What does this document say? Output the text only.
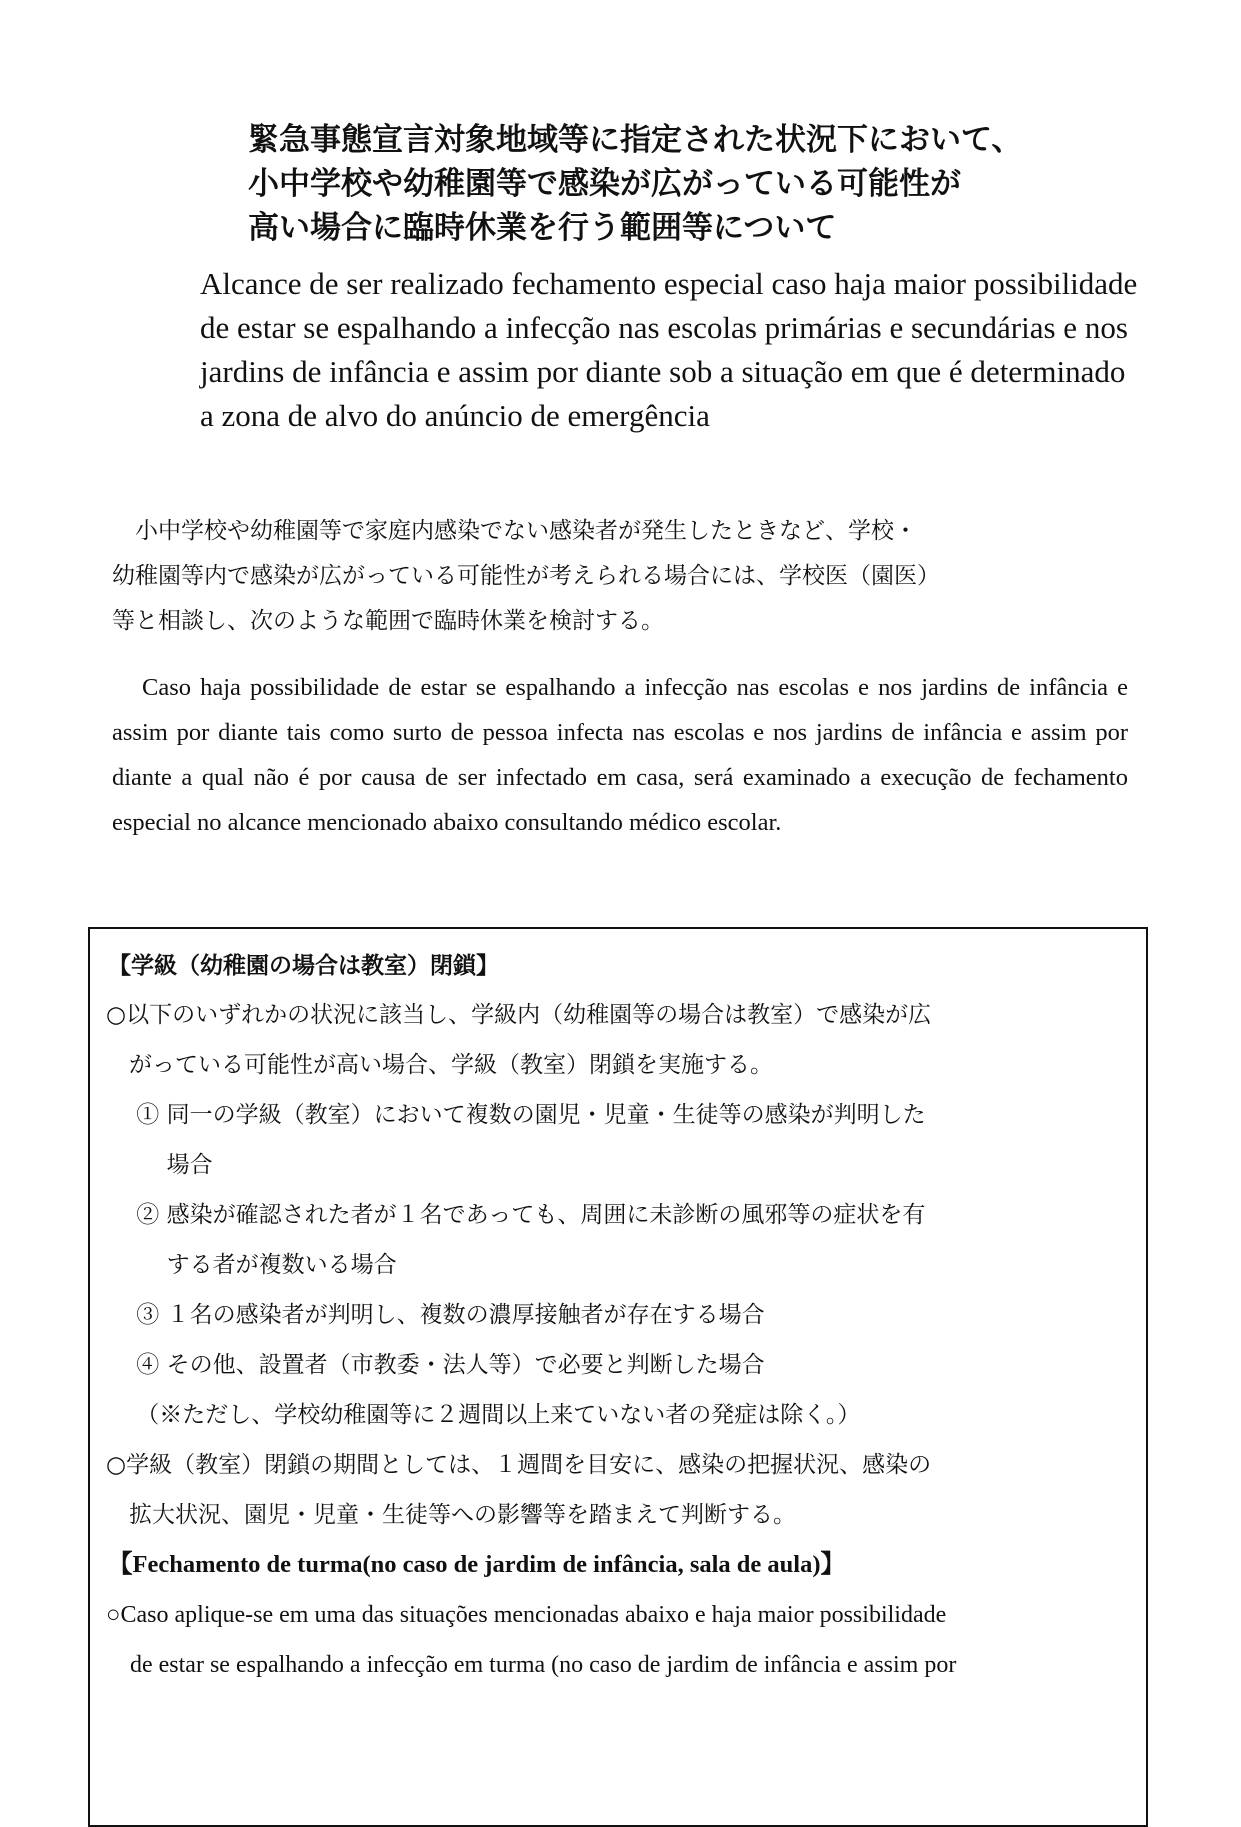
緊急事態宣言対象地域等に指定された状況下において、
小中学校や幼稚園等で感染が広がっている可能性が
高い場合に臨時休業を行う範囲等について
Alcance de ser realizado fechamento especial caso haja maior possibilidade de estar se espalhando a infecção nas escolas primárias e secundárias e nos jardins de infância e assim por diante sob a situação em que é determinado a zona de alvo do anúncio de emergência
　小中学校や幼稚園等で家庭内感染でない感染者が発生したときなど、学校・
幼稚園等内で感染が広がっている可能性が考えられる場合には、学校医（園医）
等と相談し、次のような範囲で臨時休業を検討する。
Caso haja possibilidade de estar se espalhando a infecção nas escolas e nos jardins de infância e assim por diante tais como surto de pessoa infecta nas escolas e nos jardins de infância e assim por diante a qual não é por causa de ser infectado em casa, será examinado a execução de fechamento especial no alcance mencionado abaixo consultando médico escolar.
【学級（幼稚園の場合は教室）閉鎖】
○以下のいずれかの状況に該当し、学級内（幼稚園等の場合は教室）で感染が広
　がっている可能性が高い場合、学級（教室）閉鎖を実施する。
　 ① 同一の学級（教室）において複数の園児・児童・生徒等の感染が判明した
　 　 場合
　 ② 感染が確認された者が１名であっても、周囲に未診断の風邪等の症状を有
　 　 する者が複数いる場合
　 ③ １名の感染者が判明し、複数の濃厚接触者が存在する場合
　 ④ その他、設置者（市教委・法人等）で必要と判断した場合
　 （※ただし、学校幼稚園等に２週間以上来ていない者の発症は除く。）
○学級（教室）閉鎖の期間としては、１週間を目安に、感染の把握状況、感染の
　拡大状況、園児・児童・生徒等への影響等を踏まえて判断する。
【Fechamento de turma(no caso de jardim de infância, sala de aula)】
○Caso aplique-se em uma das situações mencionadas abaixo e haja maior possibilidade
　de estar se espalhando a infecção em turma (no caso de jardim de infância e assim por
